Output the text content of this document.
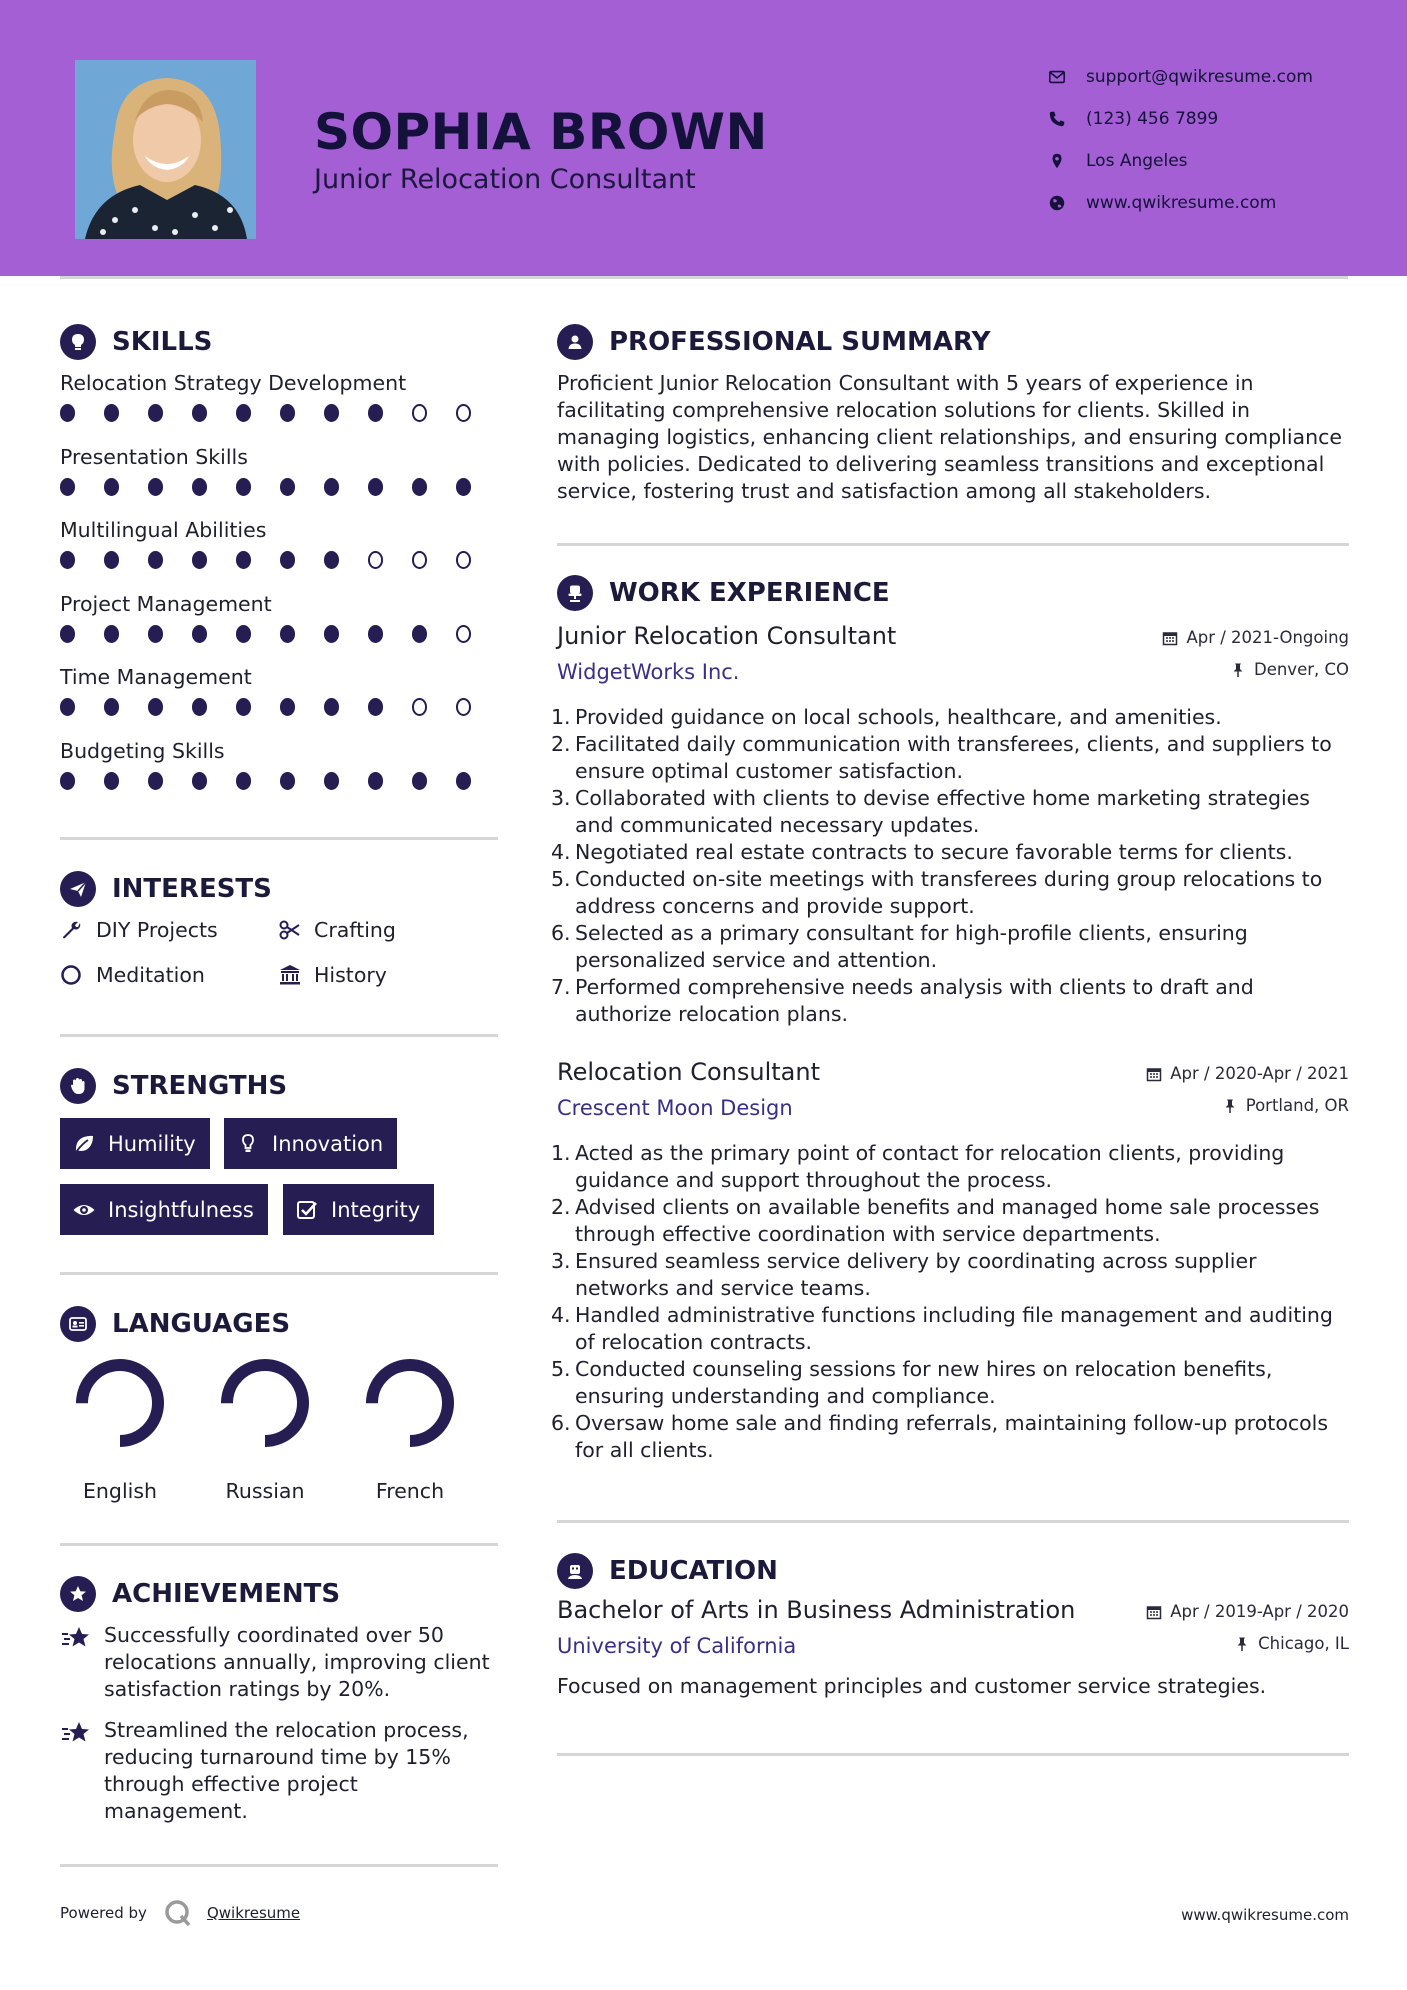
SOPHIA BROWN
Junior Relocation Consultant
support@qwikresume.com
(123) 456 7899
Los Angeles
www.qwikresume.com
SKILLS
Relocation Strategy Development
Presentation Skills
Multilingual Abilities
Project Management
Time Management
Budgeting Skills
INTERESTS
DIY Projects	Crafting
Meditation	History
STRENGTHS
Humility	Innovation
Insightfulness	Integrity
LANGUAGES
English	Russian	French
ACHIEVEMENTS
Successfully coordinated over 50 relocations annually, improving client satisfaction ratings by 20%.
Streamlined the relocation process, reducing turnaround time by 15% through effective project management.
PROFESSIONAL SUMMARY
Proficient Junior Relocation Consultant with 5 years of experience in facilitating comprehensive relocation solutions for clients. Skilled in managing logistics, enhancing client relationships, and ensuring compliance with policies. Dedicated to delivering seamless transitions and exceptional service, fostering trust and satisfaction among all stakeholders.
WORK EXPERIENCE
Junior Relocation Consultant
WidgetWorks Inc.
Apr / 2021-Ongoing
Denver, CO
Provided guidance on local schools, healthcare, and amenities.
Facilitated daily communication with transferees, clients, and suppliers to ensure optimal customer satisfaction.
Collaborated with clients to devise effective home marketing strategies and communicated necessary updates.
Negotiated real estate contracts to secure favorable terms for clients.
Conducted on-site meetings with transferees during group relocations to address concerns and provide support.
Selected as a primary consultant for high-profile clients, ensuring personalized service and attention.
Performed comprehensive needs analysis with clients to draft and authorize relocation plans.
Relocation Consultant
Crescent Moon Design
Apr / 2020-Apr / 2021
Portland, OR
Acted as the primary point of contact for relocation clients, providing guidance and support throughout the process.
Advised clients on available benefits and managed home sale processes through effective coordination with service departments.
Ensured seamless service delivery by coordinating across supplier networks and service teams.
Handled administrative functions including file management and auditing of relocation contracts.
Conducted counseling sessions for new hires on relocation benefits, ensuring understanding and compliance.
Oversaw home sale and finding referrals, maintaining follow-up protocols for all clients.
EDUCATION
Bachelor of Arts in Business Administration
University of California
Apr / 2019-Apr / 2020
Chicago, IL
Focused on management principles and customer service strategies.
Powered by	Qwikresume	www.qwikresume.com
